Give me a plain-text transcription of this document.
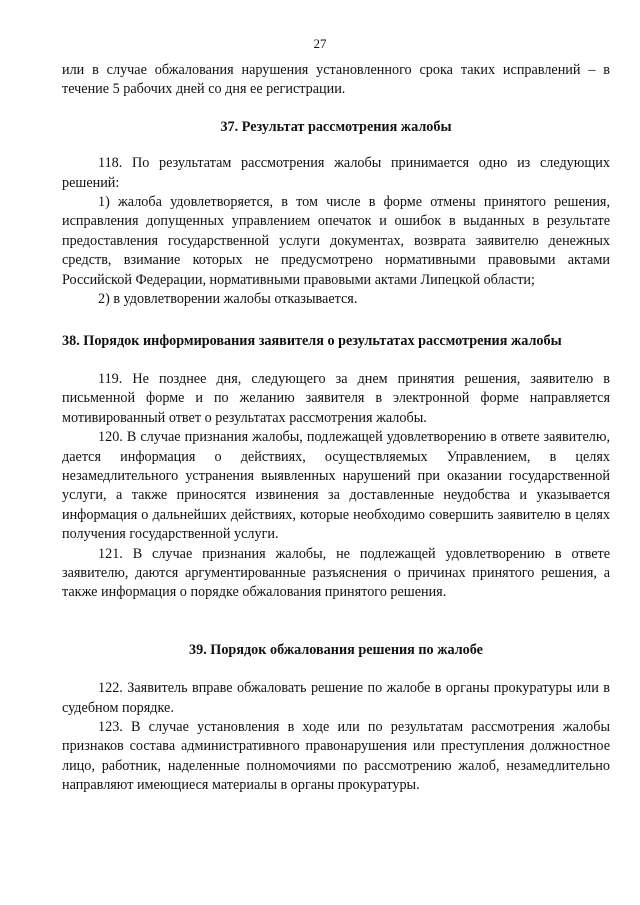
27

или в случае обжалования нарушения установленного срока таких исправлений – в течение 5 рабочих дней со дня ее регистрации.

37. Результат рассмотрения жалобы

118. По результатам рассмотрения жалобы принимается одно из следующих решений:

1) жалоба удовлетворяется, в том числе в форме отмены принятого решения, исправления допущенных управлением опечаток и ошибок в выданных в результате предоставления государственной услуги документах, возврата заявителю денежных средств, взимание которых не предусмотрено нормативными правовыми актами Российской Федерации, нормативными правовыми актами Липецкой области;

2) в удовлетворении жалобы отказывается.

38. Порядок информирования заявителя о результатах рассмотрения жалобы

119. Не позднее дня, следующего за днем принятия решения, заявителю в письменной форме и по желанию заявителя в электронной форме направляется мотивированный ответ о результатах рассмотрения жалобы.

120. В случае признания жалобы, подлежащей удовлетворению в ответе заявителю, дается информация о действиях, осуществляемых Управлением, в целях незамедлительного устранения выявленных нарушений при оказании государственной услуги, а также приносятся извинения за доставленные неудобства и указывается информация о дальнейших действиях, которые необходимо совершить заявителю в целях получения государственной услуги.

121. В случае признания жалобы, не подлежащей удовлетворению в ответе заявителю, даются аргументированные разъяснения о причинах принятого решения, а также информация о порядке обжалования принятого решения.

39. Порядок обжалования решения по жалобе

122. Заявитель вправе обжаловать решение по жалобе в органы прокуратуры или в судебном порядке.

123. В случае установления в ходе или по результатам рассмотрения жалобы признаков состава административного правонарушения или преступления должностное лицо, работник, наделенные полномочиями по рассмотрению жалоб, незамедлительно направляют имеющиеся материалы в органы прокуратуры.
